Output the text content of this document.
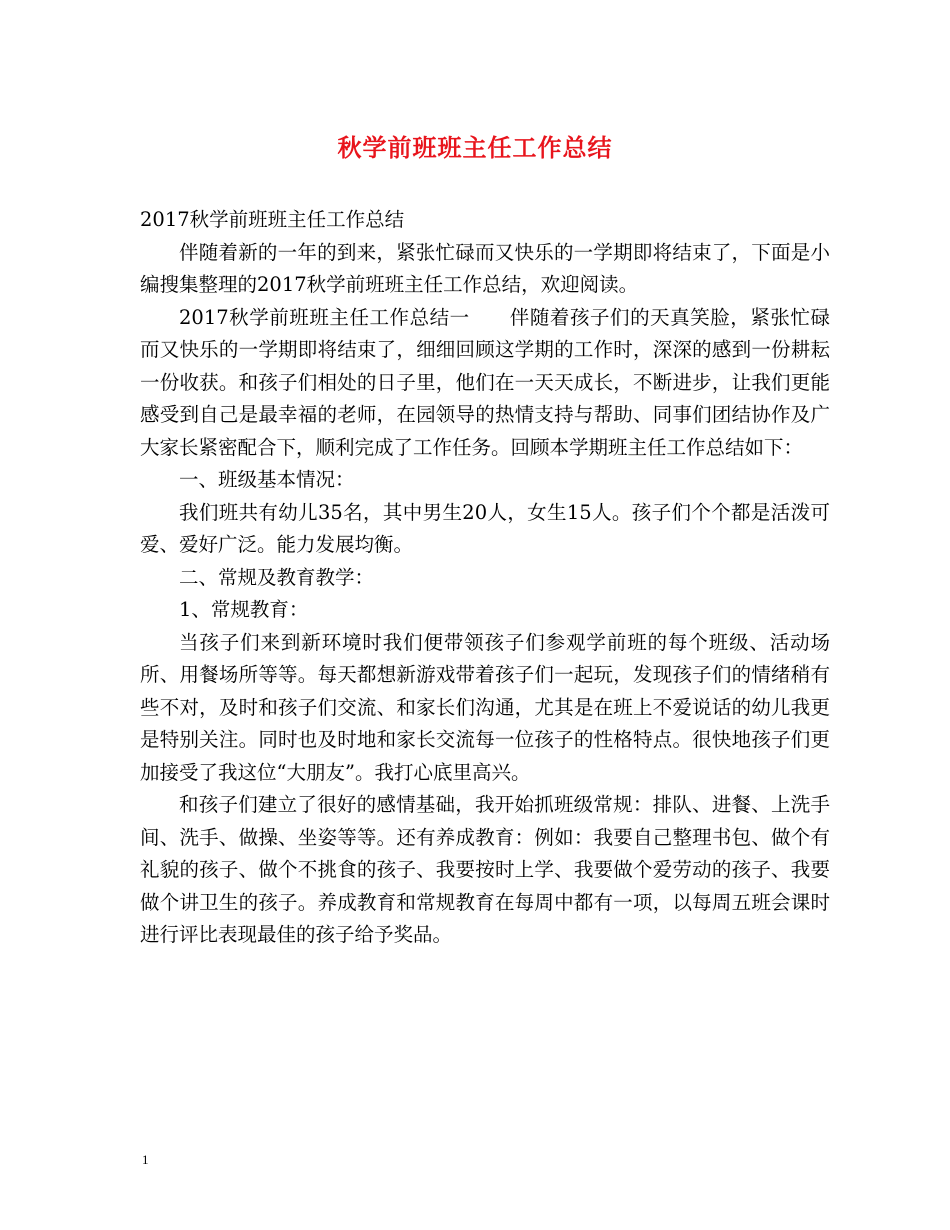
秋学前班班主任工作总结

2017秋学前班班主任工作总结

伴随着新的一年的到来，紧张忙碌而又快乐的一学期即将结束了，下面是小编搜集整理的2017秋学前班班主任工作总结，欢迎阅读。

2017秋学前班班主任工作总结一　　伴随着孩子们的天真笑脸，紧张忙碌而又快乐的一学期即将结束了，细细回顾这学期的工作时，深深的感到一份耕耘一份收获。和孩子们相处的日子里，他们在一天天成长，不断进步，让我们更能感受到自己是最幸福的老师，在园领导的热情支持与帮助、同事们团结协作及广大家长紧密配合下，顺利完成了工作任务。回顾本学期班主任工作总结如下：

一、班级基本情况：

我们班共有幼儿35名，其中男生20人，女生15人。孩子们个个都是活泼可爱、爱好广泛。能力发展均衡。

二、常规及教育教学：

1、常规教育：

当孩子们来到新环境时我们便带领孩子们参观学前班的每个班级、活动场所、用餐场所等等。每天都想新游戏带着孩子们一起玩，发现孩子们的情绪稍有些不对，及时和孩子们交流、和家长们沟通，尤其是在班上不爱说话的幼儿我更是特别关注。同时也及时地和家长交流每一位孩子的性格特点。很快地孩子们更加接受了我这位“大朋友”。我打心底里高兴。

和孩子们建立了很好的感情基础，我开始抓班级常规：排队、进餐、上洗手间、洗手、做操、坐姿等等。还有养成教育：例如：我要自己整理书包、做个有礼貌的孩子、做个不挑食的孩子、我要按时上学、我要做个爱劳动的孩子、我要做个讲卫生的孩子。养成教育和常规教育在每周中都有一项，以每周五班会课时进行评比表现最佳的孩子给予奖品。

1
